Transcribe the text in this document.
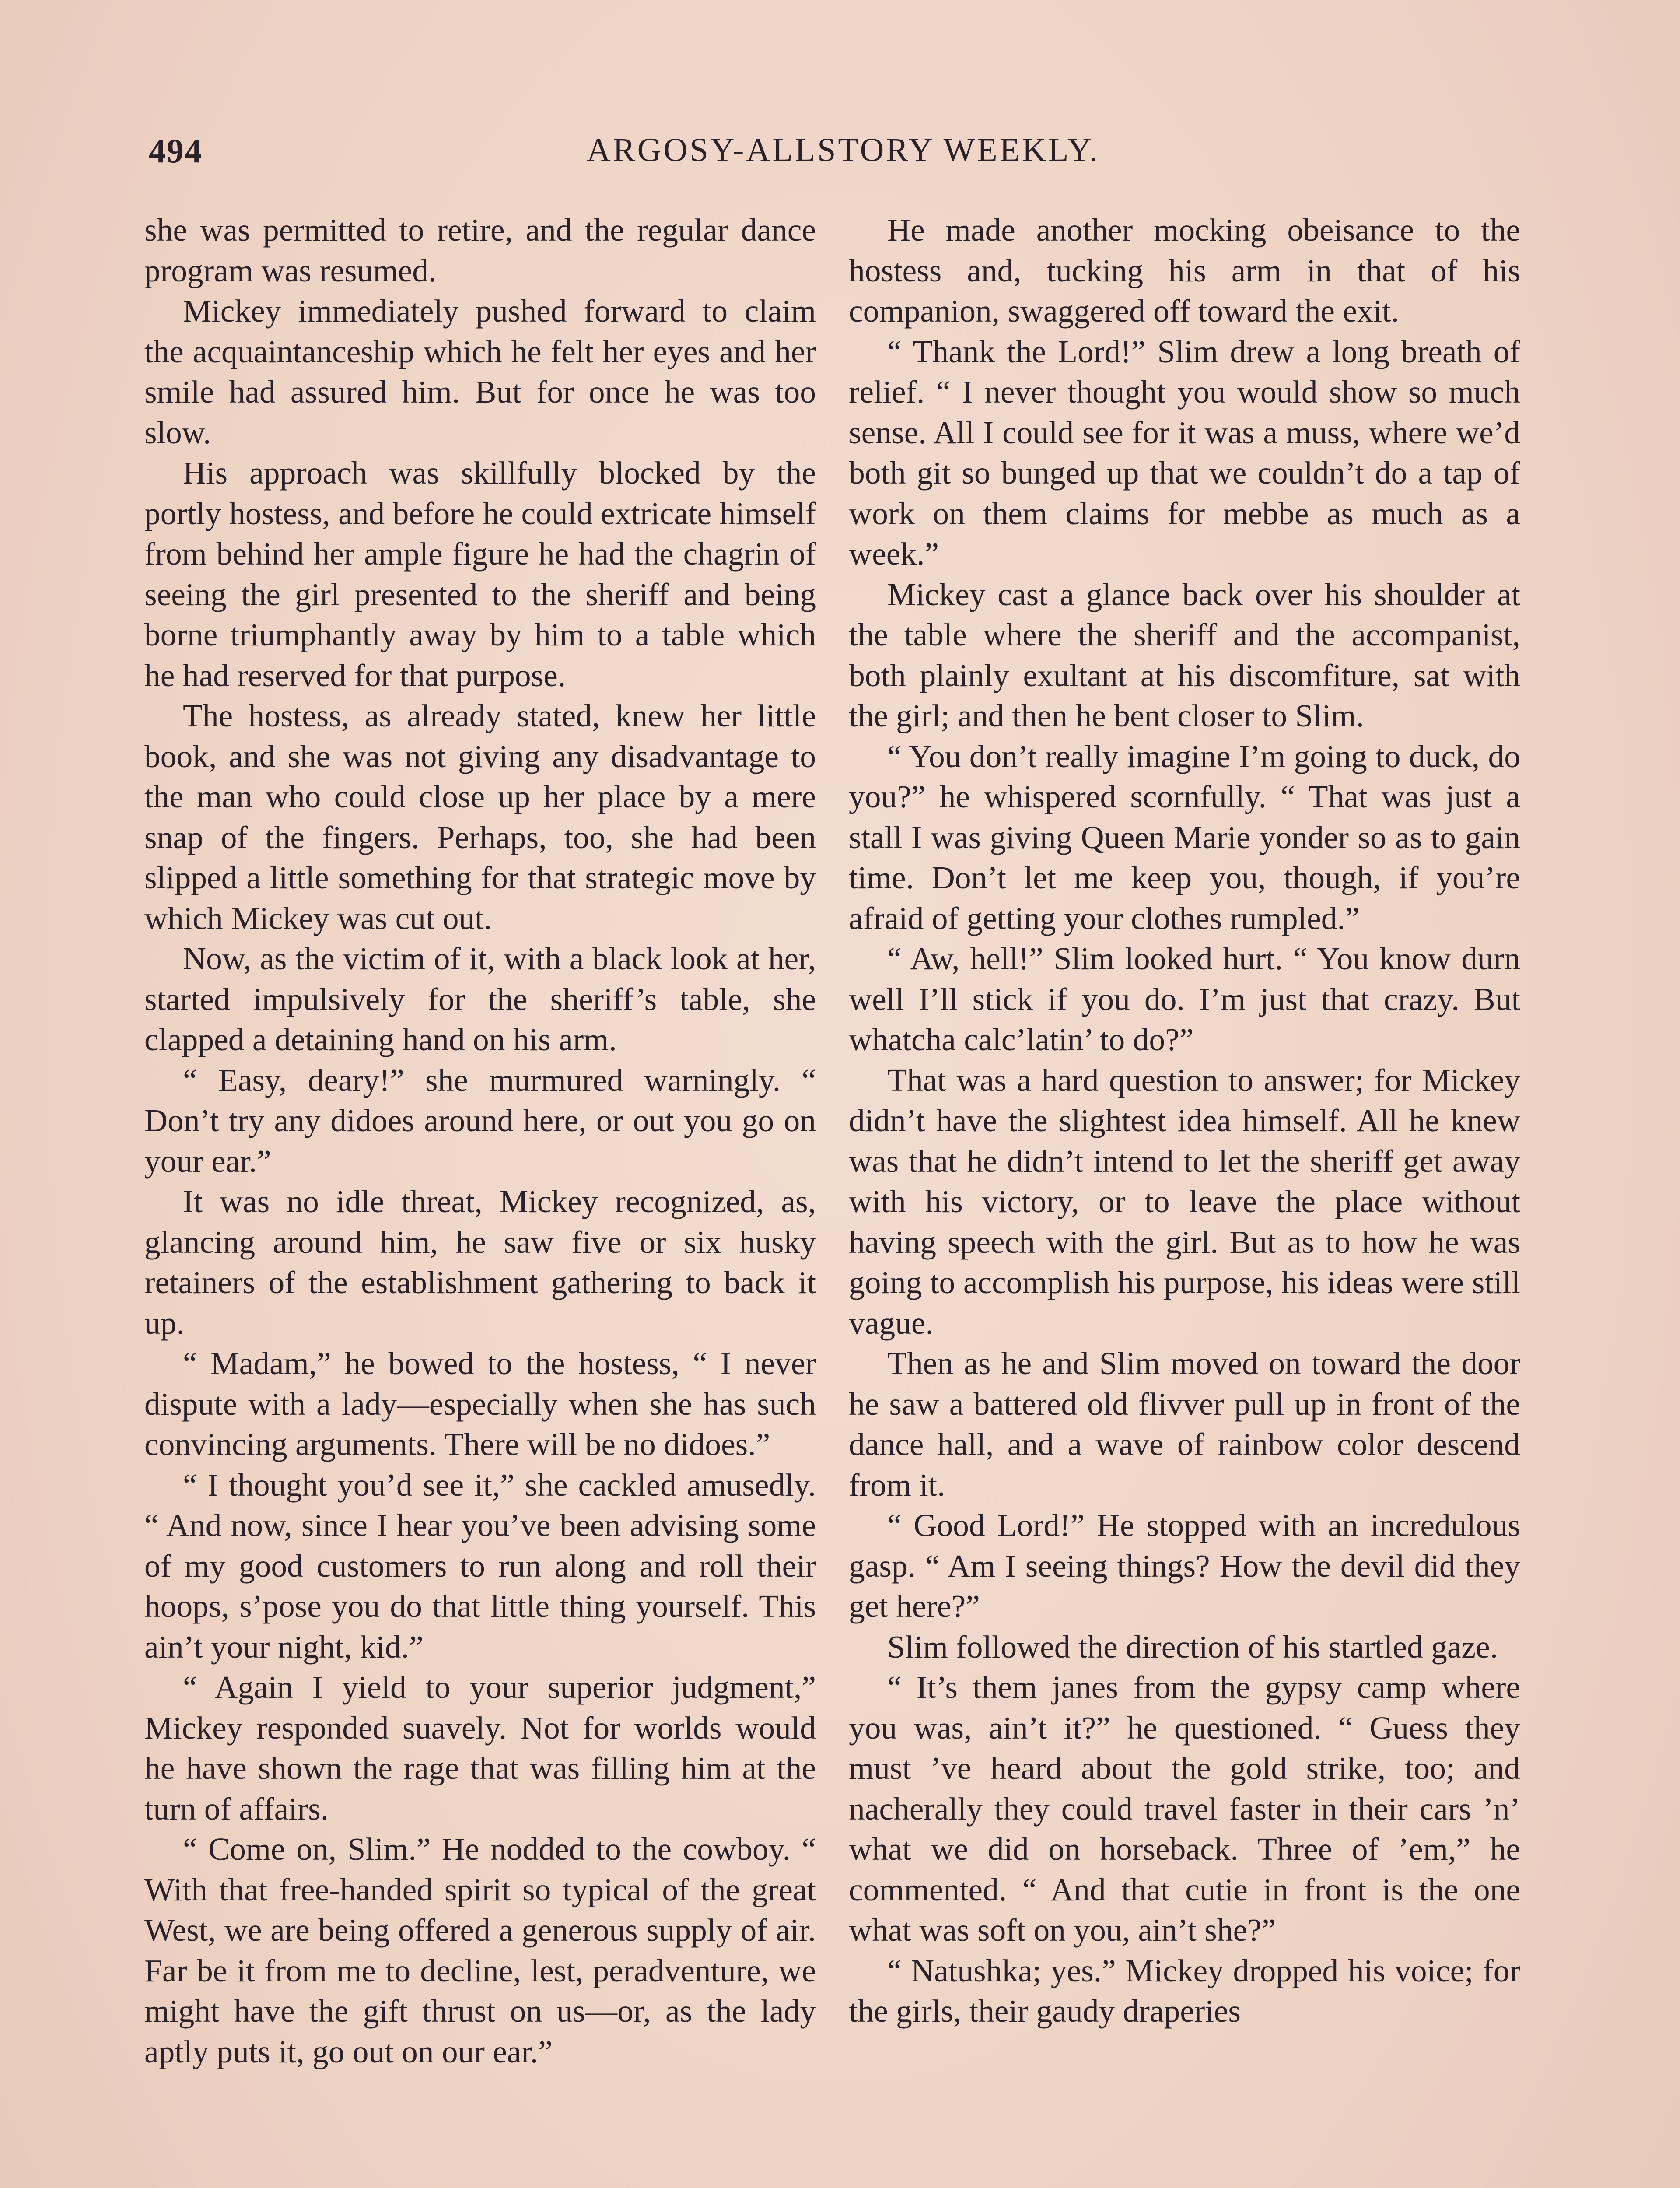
494	ARGOSY-ALLSTORY WEEKLY.

she was permitted to retire, and the regular dance program was resumed.

Mickey immediately pushed forward to claim the acquaintanceship which he felt her eyes and her smile had assured him. But for once he was too slow.

His approach was skillfully blocked by the portly hostess, and before he could extricate himself from behind her ample figure he had the chagrin of seeing the girl presented to the sheriff and being borne triumphantly away by him to a table which he had reserved for that purpose.

The hostess, as already stated, knew her little book, and she was not giving any disadvantage to the man who could close up her place by a mere snap of the fingers. Perhaps, too, she had been slipped a little something for that strategic move by which Mickey was cut out.

Now, as the victim of it, with a black look at her, started impulsively for the sheriff’s table, she clapped a detaining hand on his arm.

“ Easy, deary!” she murmured warningly. “ Don’t try any didoes around here, or out you go on your ear.”

It was no idle threat, Mickey recognized, as, glancing around him, he saw five or six husky retainers of the establishment gathering to back it up.

“ Madam,” he bowed to the hostess, “ I never dispute with a lady—especially when she has such convincing arguments. There will be no didoes.”

“ I thought you’d see it,” she cackled amusedly. “ And now, since I hear you’ve been advising some of my good customers to run along and roll their hoops, s’pose you do that little thing yourself. This ain’t your night, kid.”

“ Again I yield to your superior judgment,” Mickey responded suavely. Not for worlds would he have shown the rage that was filling him at the turn of affairs.

“ Come on, Slim.” He nodded to the cowboy. “ With that free-handed spirit so typical of the great West, we are being offered a generous supply of air. Far be it from me to decline, lest, peradventure, we might have the gift thrust on us—or, as the lady aptly puts it, go out on our ear.”

He made another mocking obeisance to the hostess and, tucking his arm in that of his companion, swaggered off toward the exit.

“ Thank the Lord!” Slim drew a long breath of relief. “ I never thought you would show so much sense. All I could see for it was a muss, where we’d both git so bunged up that we couldn’t do a tap of work on them claims for mebbe as much as a week.”

Mickey cast a glance back over his shoulder at the table where the sheriff and the accompanist, both plainly exultant at his discomfiture, sat with the girl; and then he bent closer to Slim.

“ You don’t really imagine I’m going to duck, do you?” he whispered scornfully. “ That was just a stall I was giving Queen Marie yonder so as to gain time. Don’t let me keep you, though, if you’re afraid of getting your clothes rumpled.”

“ Aw, hell!” Slim looked hurt. “ You know durn well I’ll stick if you do. I’m just that crazy. But whatcha calc’latin’ to do?”

That was a hard question to answer; for Mickey didn’t have the slightest idea himself. All he knew was that he didn’t intend to let the sheriff get away with his victory, or to leave the place without having speech with the girl. But as to how he was going to accomplish his purpose, his ideas were still vague.

Then as he and Slim moved on toward the door he saw a battered old flivver pull up in front of the dance hall, and a wave of rainbow color descend from it.

“ Good Lord!” He stopped with an incredulous gasp. “ Am I seeing things? How the devil did they get here?”

Slim followed the direction of his startled gaze.

“ It’s them janes from the gypsy camp where you was, ain’t it?” he questioned. “ Guess they must ’ve heard about the gold strike, too; and nacherally they could travel faster in their cars ’n’ what we did on horseback. Three of ’em,” he commented. “ And that cutie in front is the one what was soft on you, ain’t she?”

“ Natushka; yes.” Mickey dropped his voice; for the girls, their gaudy draperies
